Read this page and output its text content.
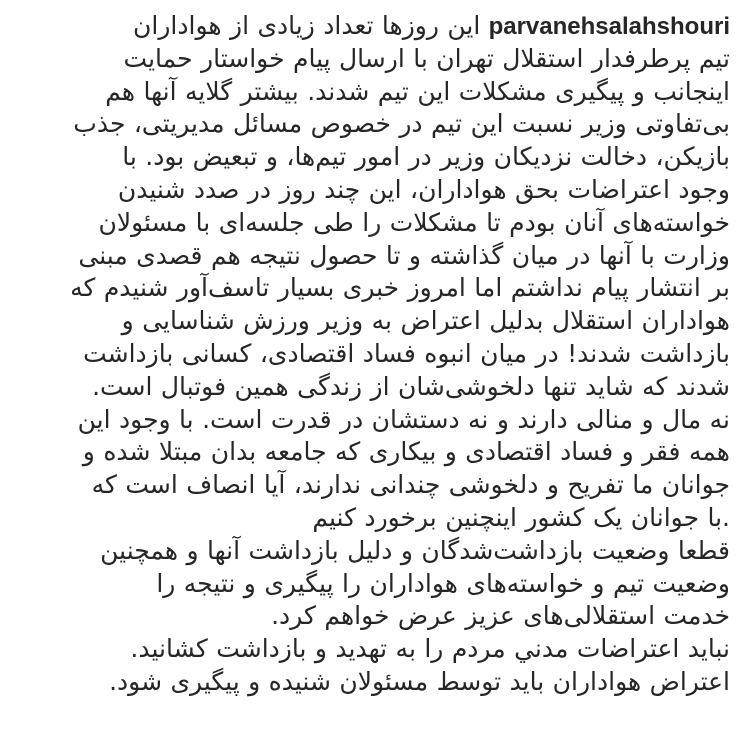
parvanehsalahshouri این روزها تعداد زیادی از هواداران
تیم پرطرفدار استقلال تهران با ارسال پیام خواستار حمایت
اینجانب و پیگیری مشکلات این تیم شدند. بیشتر گلایه آنها هم
بی‌تفاوتی وزیر نسبت این تیم در خصوص مسائل مدیریتی، جذب
بازیکن، دخالت نزدیکان وزیر در امور تیم‌ها، و تبعیض بود. با
وجود اعتراضات بحق هواداران، این چند روز در صدد شنیدن
خواسته‌های آنان بودم تا مشکلات را طی جلسه‌ای با مسئولان
وزارت با آنها در میان گذاشته و تا حصول نتیجه هم قصدی مبنی
بر انتشار پیام نداشتم اما امروز خبری بسیار تاسف‌آور شنیدم که
هواداران استقلال بدلیل اعتراض به وزیر ورزش شناسایی و
بازداشت شدند! در میان انبوه فساد اقتصادی، کسانی بازداشت
شدند که شاید تنها دلخوشی‌شان از زندگی همین فوتبال است.
نه مال و منالی دارند و نه دستشان در قدرت است. با وجود این
همه فقر و فساد اقتصادی و بیکاری که جامعه بدان مبتلا شده و
جوانان ما تفریح و دلخوشی چندانی ندارند، آیا انصاف است که
.با جوانان یک کشور اینچنین برخورد کنیم
قطعا وضعیت بازداشت‌شدگان و دلیل بازداشت آنها و همچنین
وضعیت تیم و خواسته‌های هواداران را پیگیری و نتیجه را
خدمت استقلالی‌های عزیز عرض خواهم کرد.
نباید اعتراضات مدني مردم را به تهدید و بازداشت کشانید.
اعتراض هواداران باید توسط مسئولان شنیده و پیگیری شود.
